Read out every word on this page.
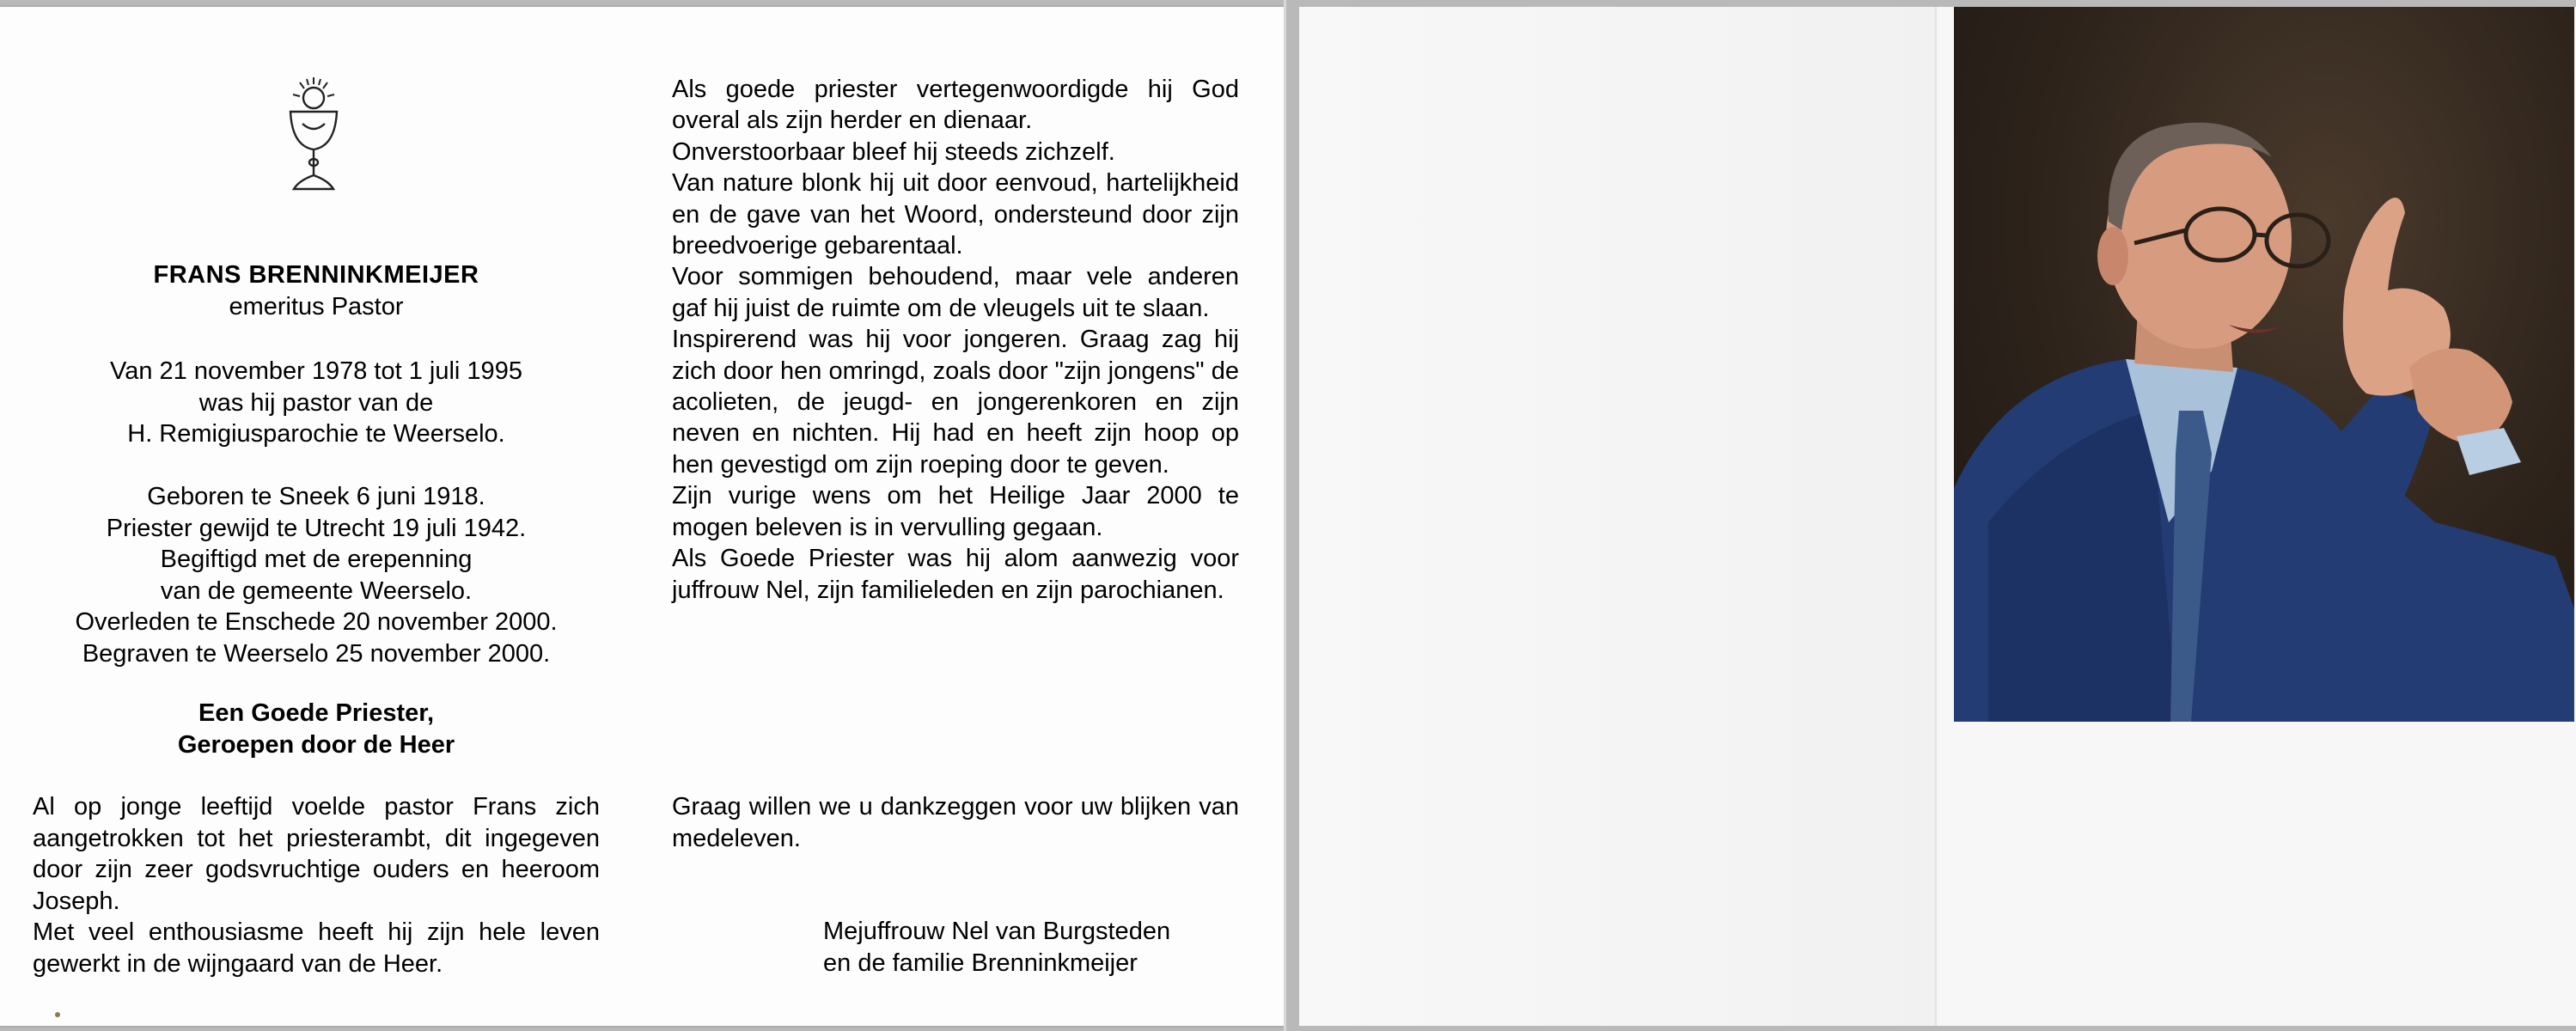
FRANS BRENNINKMEIJER
emeritus Pastor

Van 21 november 1978 tot 1 juli 1995

was hij pastor van de

H. Remigiusparochie te Weerselo.

Geboren te Sneek 6 juni 1918.

Priester gewijd te Utrecht 19 juli 1942.

Begiftigd met de erepenning

van de gemeente Weerselo.

Overleden te Enschede 20 november 2000.

Begraven te Weerselo 25 november 2000.

Een Goede Priester,

Geroepen door de Heer

Al op jonge leeftijd voelde pastor Frans zich aangetrokken tot het priesterambt, dit ingegeven door zijn zeer godsvruchtige ouders en heeroom Joseph.

Met veel enthousiasme heeft hij zijn hele leven gewerkt in de wijngaard van de Heer.

Als goede priester vertegenwoordigde hij God overal als zijn herder en dienaar.

Onverstoorbaar bleef hij steeds zichzelf.

Van nature blonk hij uit door eenvoud, hartelijkheid en de gave van het Woord, ondersteund door zijn breedvoerige gebarentaal.

Voor sommigen behoudend, maar vele anderen gaf hij juist de ruimte om de vleugels uit te slaan.

Inspirerend was hij voor jongeren. Graag zag hij zich door hen omringd, zoals door "zijn jongens" de acolieten, de jeugd- en jongerenkoren en zijn neven en nichten. Hij had en heeft zijn hoop op hen gevestigd om zijn roeping door te geven.

Zijn vurige wens om het Heilige Jaar 2000 te mogen beleven is in vervulling gegaan.

Als Goede Priester was hij alom aanwezig voor juffrouw Nel, zijn familieleden en zijn parochianen.

Graag willen we u dankzeggen voor uw blijken van medeleven.

Mejuffrouw Nel van Burgsteden

en de familie Brenninkmeijer
